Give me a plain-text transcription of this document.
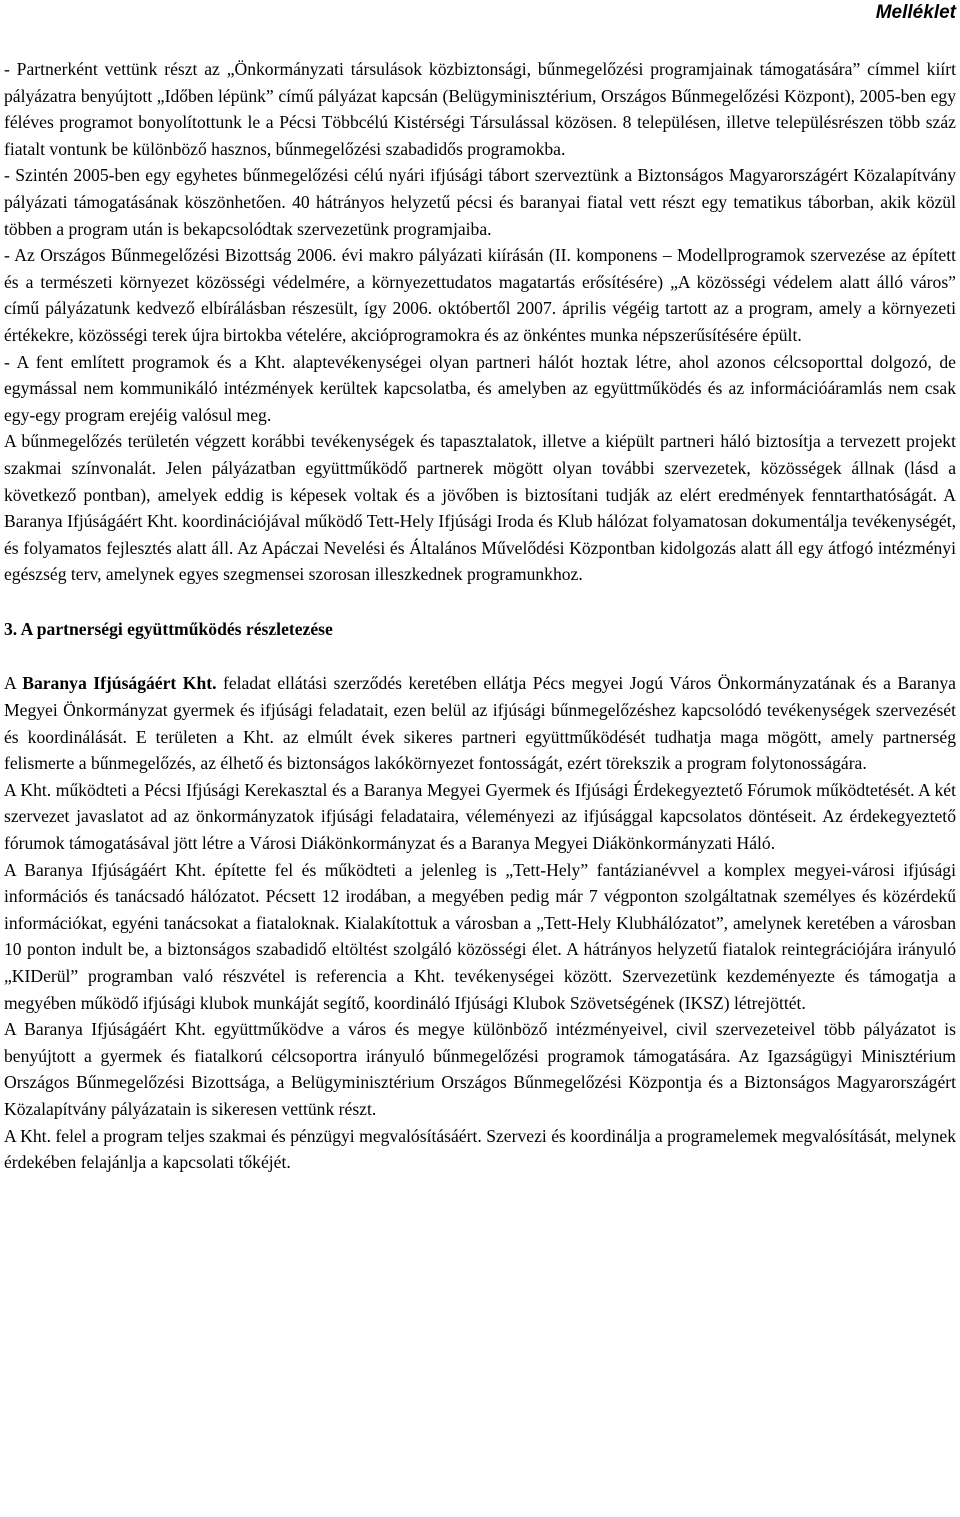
Melléklet

- Partnerként vettünk részt az „Önkormányzati társulások közbiztonsági, bűnmegelőzési programjainak támogatására” címmel kiírt pályázatra benyújtott „Időben lépünk” című pályázat kapcsán (Belügyminisztérium, Országos Bűnmegelőzési Központ), 2005-ben egy féléves programot bonyolítottunk le a Pécsi Többcélú Kistérségi Társulással közösen. 8 településen, illetve településrészen több száz fiatalt vontunk be különböző hasznos, bűnmegelőzési szabadidős programokba.

- Szintén 2005-ben egy egyhetes bűnmegelőzési célú nyári ifjúsági tábort szerveztünk a Biztonságos Magyarországért Közalapítvány pályázati támogatásának köszönhetően. 40 hátrányos helyzetű pécsi és baranyai fiatal vett részt egy tematikus táborban, akik közül többen a program után is bekapcsolódtak szervezetünk programjaiba.

- Az Országos Bűnmegelőzési Bizottság 2006. évi makro pályázati kiírásán (II. komponens – Modellprogramok szervezése az épített és a természeti környezet közösségi védelmére, a környezettudatos magatartás erősítésére) „A közösségi védelem alatt álló város” című pályázatunk kedvező elbírálásban részesült, így 2006. októbertől 2007. április végéig tartott az a program, amely a környezeti értékekre, közösségi terek újra birtokba vételére, akcióprogramokra és az önkéntes munka népszerűsítésére épült.

- A fent említett programok és a Kht. alaptevékenységei olyan partneri hálót hoztak létre, ahol azonos célcsoporttal dolgozó, de egymással nem kommunikáló intézmények kerültek kapcsolatba, és amelyben az együttműködés és az információáramlás nem csak egy-egy program erejéig valósul meg.

A bűnmegelőzés területén végzett korábbi tevékenységek és tapasztalatok, illetve a kiépült partneri háló biztosítja a tervezett projekt szakmai színvonalát. Jelen pályázatban együttműködő partnerek mögött olyan további szervezetek, közösségek állnak (lásd a következő pontban), amelyek eddig is képesek voltak és a jövőben is biztosítani tudják az elért eredmények fenntarthatóságát. A Baranya Ifjúságáért Kht. koordinációjával működő Tett-Hely Ifjúsági Iroda és Klub hálózat folyamatosan dokumentálja tevékenységét, és folyamatos fejlesztés alatt áll. Az Apáczai Nevelési és Általános Művelődési Központban kidolgozás alatt áll egy átfogó intézményi egészség terv, amelynek egyes szegmensei szorosan illeszkednek programunkhoz.

3. A partnerségi együttműködés részletezése

A Baranya Ifjúságáért Kht. feladat ellátási szerződés keretében ellátja Pécs megyei Jogú Város Önkormányzatának és a Baranya Megyei Önkormányzat gyermek és ifjúsági feladatait, ezen belül az ifjúsági bűnmegelőzéshez kapcsolódó tevékenységek szervezését és koordinálását. E területen a Kht. az elmúlt évek sikeres partneri együttműködését tudhatja maga mögött, amely partnerség felismerte a bűnmegelőzés, az élhető és biztonságos lakókörnyezet fontosságát, ezért törekszik a program folytonosságára.

A Kht. működteti a Pécsi Ifjúsági Kerekasztal és a Baranya Megyei Gyermek és Ifjúsági Érdekegyeztető Fórumok működtetését. A két szervezet javaslatot ad az önkormányzatok ifjúsági feladataira, véleményezi az ifjúsággal kapcsolatos döntéseit. Az érdekegyeztető fórumok támogatásával jött létre a Városi Diákönkormányzat és a Baranya Megyei Diákönkormányzati Háló.

A Baranya Ifjúságáért Kht. építette fel és működteti a jelenleg is „Tett-Hely” fantázianévvel a komplex megyei-városi ifjúsági információs és tanácsadó hálózatot. Pécsett 12 irodában, a megyében pedig már 7 végponton szolgáltatnak személyes és közérdekű információkat, egyéni tanácsokat a fiataloknak. Kialakítottuk a városban a „Tett-Hely Klubhálózatot”, amelynek keretében a városban 10 ponton indult be, a biztonságos szabadidő eltöltést szolgáló közösségi élet. A hátrányos helyzetű fiatalok reintegrációjára irányuló „KIDerül” programban való részvétel is referencia a Kht. tevékenységei között. Szervezetünk kezdeményezte és támogatja a megyében működő ifjúsági klubok munkáját segítő, koordináló Ifjúsági Klubok Szövetségének (IKSZ) létrejöttét.

A Baranya Ifjúságáért Kht. együttműködve a város és megye különböző intézményeivel, civil szervezeteivel több pályázatot is benyújtott a gyermek és fiatalkorú célcsoportra irányuló bűnmegelőzési programok támogatására. Az Igazságügyi Minisztérium Országos Bűnmegelőzési Bizottsága, a Belügyminisztérium Országos Bűnmegelőzési Központja és a Biztonságos Magyarországért Közalapítvány pályázatain is sikeresen vettünk részt.

A Kht. felel a program teljes szakmai és pénzügyi megvalósításáért. Szervezi és koordinálja a programelemek megvalósítását, melynek érdekében felajánlja a kapcsolati tőkéjét.
